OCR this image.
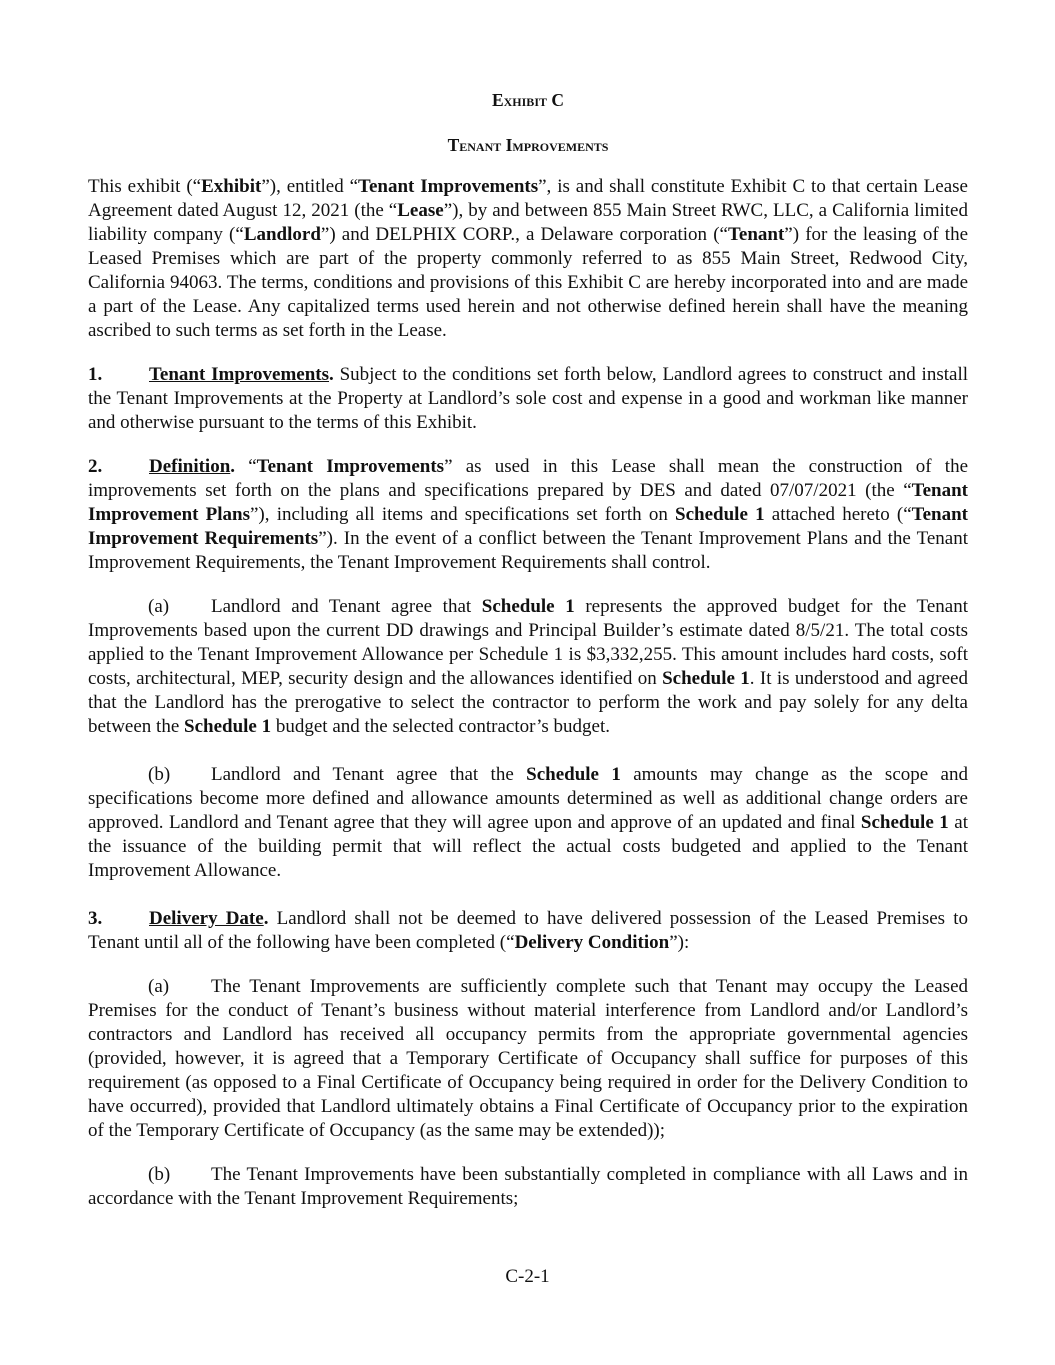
Exhibit C
Tenant Improvements

This exhibit (“Exhibit”), entitled “Tenant Improvements”, is and shall constitute Exhibit C to that certain Lease Agreement dated August 12, 2021 (the “Lease”), by and between 855 Main Street RWC, LLC, a California limited liability company (“Landlord”) and DELPHIX CORP., a Delaware corporation (“Tenant”) for the leasing of the Leased Premises which are part of the property commonly referred to as 855 Main Street, Redwood City, California 94063. The terms, conditions and provisions of this Exhibit C are hereby incorporated into and are made a part of the Lease. Any capitalized terms used herein and not otherwise defined herein shall have the meaning ascribed to such terms as set forth in the Lease.

1. Tenant Improvements. Subject to the conditions set forth below, Landlord agrees to construct and install the Tenant Improvements at the Property at Landlord’s sole cost and expense in a good and workman like manner and otherwise pursuant to the terms of this Exhibit.

2. Definition. “Tenant Improvements” as used in this Lease shall mean the construction of the improvements set forth on the plans and specifications prepared by DES and dated 07/07/2021 (the “Tenant Improvement Plans”), including all items and specifications set forth on Schedule 1 attached hereto (“Tenant Improvement Requirements”). In the event of a conflict between the Tenant Improvement Plans and the Tenant Improvement Requirements, the Tenant Improvement Requirements shall control.

(a) Landlord and Tenant agree that Schedule 1 represents the approved budget for the Tenant Improvements based upon the current DD drawings and Principal Builder’s estimate dated 8/5/21. The total costs applied to the Tenant Improvement Allowance per Schedule 1 is $3,332,255. This amount includes hard costs, soft costs, architectural, MEP, security design and the allowances identified on Schedule 1. It is understood and agreed that the Landlord has the prerogative to select the contractor to perform the work and pay solely for any delta between the Schedule 1 budget and the selected contractor’s budget.

(b) Landlord and Tenant agree that the Schedule 1 amounts may change as the scope and specifications become more defined and allowance amounts determined as well as additional change orders are approved. Landlord and Tenant agree that they will agree upon and approve of an updated and final Schedule 1 at the issuance of the building permit that will reflect the actual costs budgeted and applied to the Tenant Improvement Allowance.

3. Delivery Date. Landlord shall not be deemed to have delivered possession of the Leased Premises to Tenant until all of the following have been completed (“Delivery Condition”):

(a) The Tenant Improvements are sufficiently complete such that Tenant may occupy the Leased Premises for the conduct of Tenant’s business without material interference from Landlord and/or Landlord’s contractors and Landlord has received all occupancy permits from the appropriate governmental agencies (provided, however, it is agreed that a Temporary Certificate of Occupancy shall suffice for purposes of this requirement (as opposed to a Final Certificate of Occupancy being required in order for the Delivery Condition to have occurred), provided that Landlord ultimately obtains a Final Certificate of Occupancy prior to the expiration of the Temporary Certificate of Occupancy (as the same may be extended));

(b) The Tenant Improvements have been substantially completed in compliance with all Laws and in accordance with the Tenant Improvement Requirements;

C-2-1
